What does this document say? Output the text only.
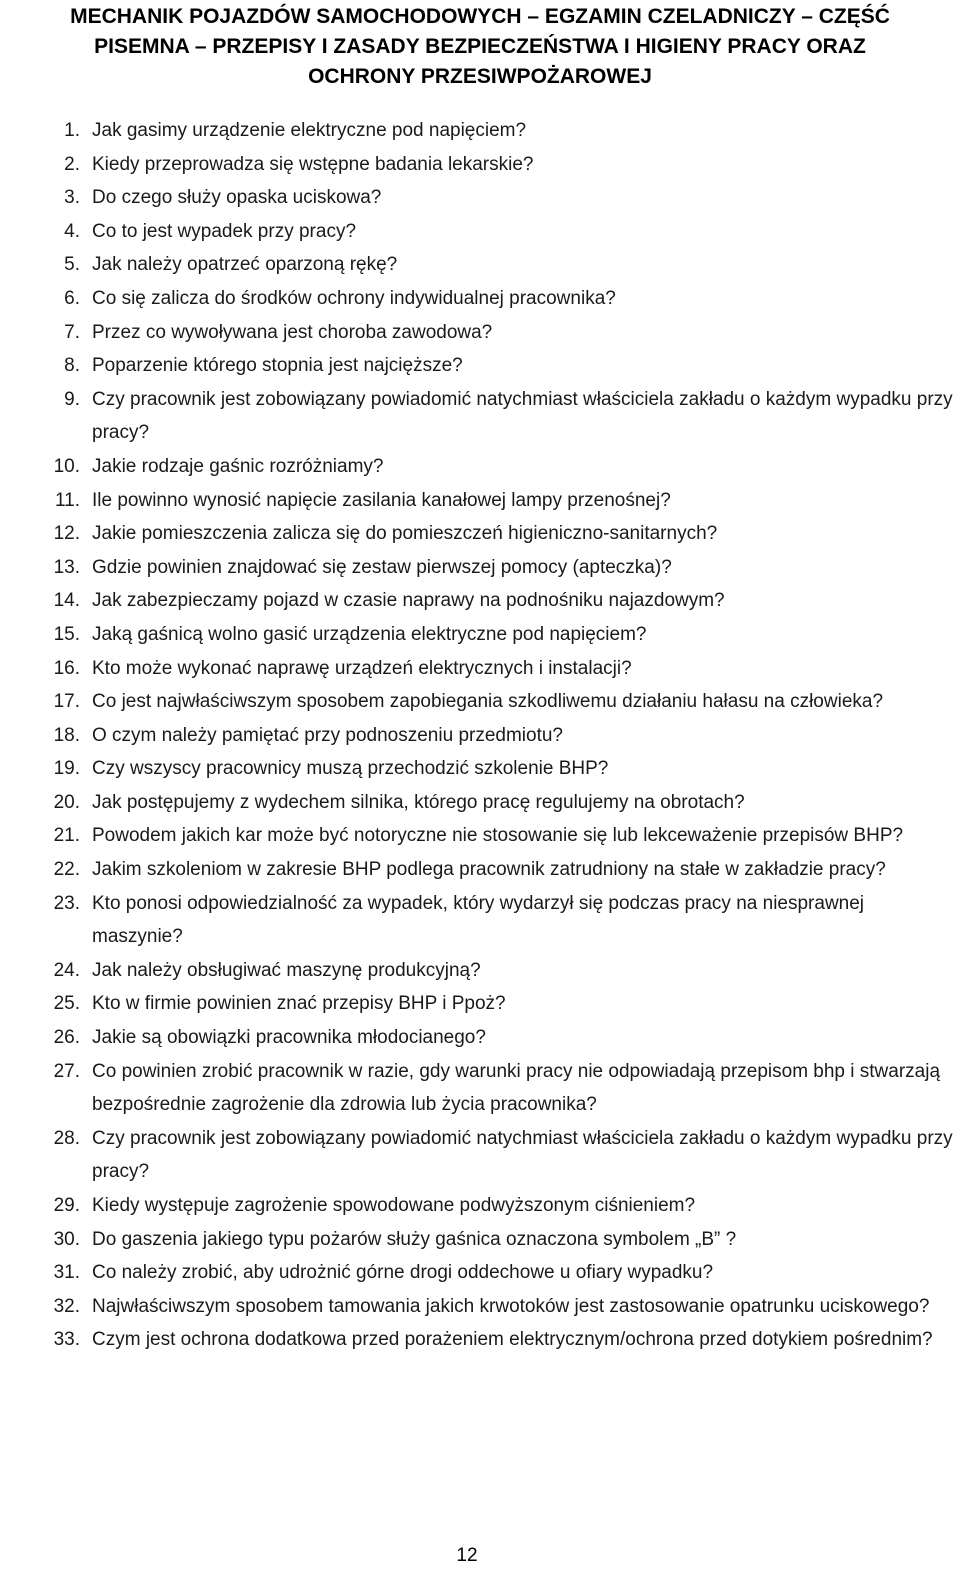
MECHANIK POJAZDÓW SAMOCHODOWYCH – EGZAMIN CZELADNICZY – CZĘŚĆ
PISEMNA – PRZEPISY I ZASADY BEZPIECZEŃSTWA I HIGIENY PRACY ORAZ
OCHRONY PRZESIWPOŻAROWEJ
1. Jak gasimy urządzenie elektryczne pod napięciem?
2. Kiedy przeprowadza się wstępne badania lekarskie?
3. Do czego służy opaska uciskowa?
4. Co to jest wypadek przy pracy?
5. Jak należy opatrzeć oparzoną rękę?
6. Co się zalicza do środków ochrony indywidualnej pracownika?
7. Przez co wywoływana jest choroba zawodowa?
8. Poparzenie którego stopnia jest najcięższe?
9. Czy pracownik jest zobowiązany powiadomić natychmiast właściciela zakładu o każdym wypadku przy pracy?
10. Jakie rodzaje gaśnic rozróżniamy?
11. Ile powinno wynosić napięcie zasilania kanałowej lampy przenośnej?
12. Jakie pomieszczenia zalicza się do pomieszczeń higieniczno-sanitarnych?
13. Gdzie powinien znajdować się zestaw pierwszej pomocy (apteczka)?
14. Jak zabezpieczamy pojazd w czasie naprawy na podnośniku najazdowym?
15. Jaką gaśnicą wolno gasić urządzenia elektryczne pod napięciem?
16. Kto może wykonać naprawę urządzeń elektrycznych i instalacji?
17. Co jest najwłaściwszym sposobem zapobiegania szkodliwemu działaniu hałasu na człowieka?
18. O czym należy pamiętać przy podnoszeniu przedmiotu?
19. Czy wszyscy pracownicy muszą przechodzić szkolenie BHP?
20. Jak postępujemy z wydechem silnika, którego pracę regulujemy na obrotach?
21. Powodem jakich kar może być notoryczne nie stosowanie się lub lekceważenie przepisów BHP?
22. Jakim szkoleniom w zakresie BHP podlega pracownik zatrudniony na stałe w zakładzie pracy?
23. Kto ponosi odpowiedzialność za wypadek, który wydarzył się podczas pracy na niesprawnej maszynie?
24. Jak należy obsługiwać maszynę produkcyjną?
25. Kto w firmie powinien znać przepisy BHP i Ppoż?
26. Jakie są obowiązki pracownika młodocianego?
27. Co powinien zrobić pracownik w razie, gdy warunki pracy nie odpowiadają przepisom bhp i stwarzają bezpośrednie zagrożenie dla zdrowia lub życia pracownika?
28. Czy pracownik jest zobowiązany powiadomić natychmiast właściciela zakładu o każdym wypadku przy pracy?
29. Kiedy występuje zagrożenie spowodowane podwyższonym ciśnieniem?
30. Do gaszenia jakiego typu pożarów służy gaśnica oznaczona symbolem „B” ?
31. Co należy zrobić, aby udrożnić górne drogi oddechowe u ofiary wypadku?
32. Najwłaściwszym sposobem tamowania jakich krwotoków jest zastosowanie opatrunku uciskowego?
33. Czym jest ochrona dodatkowa przed porażeniem elektrycznym/ochrona przed dotykiem pośrednim?
12
